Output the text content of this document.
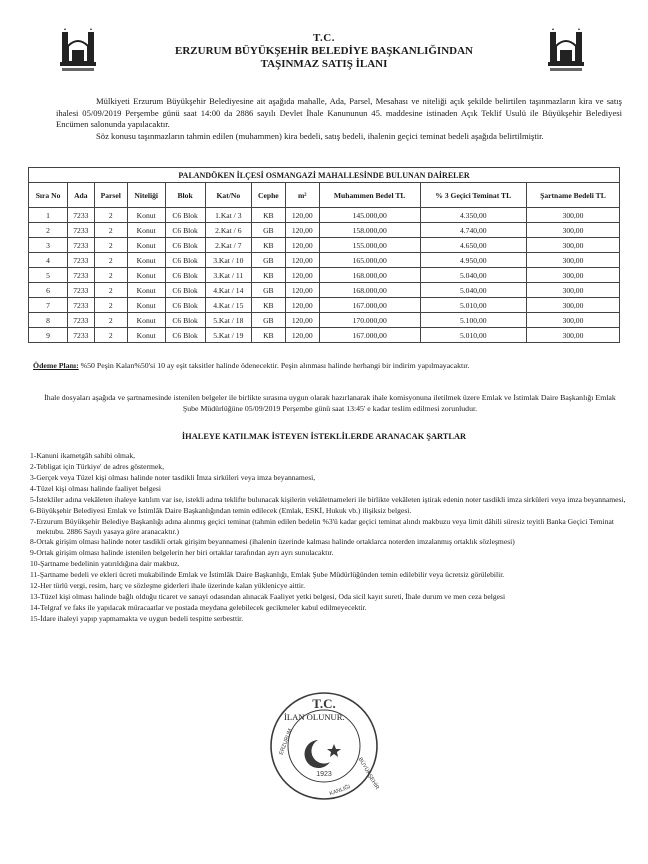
T.C.
ERZURUM BÜYÜKŞEHİR BELEDİYE BAŞKANLIĞINDAN
TAŞINMAZ SATIŞ İLANI

Mülkiyeti Erzurum Büyükşehir Belediyesine ait aşağıda mahalle, Ada, Parsel, Mesahası ve niteliği açık şekilde belirtilen taşınmazların kira ve satış ihalesi 05/09/2019 Perşembe günü saat 14:00 da 2886 sayılı Devlet İhale Kanununun 45. maddesine istinaden Açık Teklif Usulü ile Büyükşehir Belediyesi Encümen salonunda yapılacaktır.

Söz konusu taşınmazların tahmin edilen (muhammen) kira bedeli, satış bedeli, ihalenin geçici teminat bedeli aşağıda belirtilmiştir.

PALANDÖKEN İLÇESİ OSMANGAZİ MAHALLESİNDE BULUNAN DAİRELER										
Sıra No	Ada	Parsel	Niteliği	Blok	Kat/No	Cephe	m²	Muhammen Bedel TL	% 3 Geçici Teminat TL	Şartname Bedeli TL
1	7233	2	Konut	C6 Blok	1.Kat / 3	KB	120,00	145.000,00	4.350,00	300,00
2	7233	2	Konut	C6 Blok	2.Kat / 6	GB	120,00	158.000,00	4.740,00	300,00
3	7233	2	Konut	C6 Blok	2.Kat / 7	KB	120,00	155.000,00	4.650,00	300,00
4	7233	2	Konut	C6 Blok	3.Kat / 10	GB	120,00	165.000,00	4.950,00	300,00
5	7233	2	Konut	C6 Blok	3.Kat / 11	KB	120,00	168.000,00	5.040,00	300,00
6	7233	2	Konut	C6 Blok	4.Kat / 14	GB	120,00	168.000,00	5.040,00	300,00
7	7233	2	Konut	C6 Blok	4.Kat / 15	KB	120,00	167.000,00	5.010,00	300,00
8	7233	2	Konut	C6 Blok	5.Kat / 18	GB	120,00	170.000,00	5.100,00	300,00
9	7233	2	Konut	C6 Blok	5.Kat / 19	KB	120,00	167.000,00	5.010,00	300,00
Ödeme Planı: %50 Peşin Kalan%50'si 10 ay eşit taksitler halinde ödenecektir. Peşin alınması halinde herhangi bir indirim yapılmayacaktır.
İhale dosyaları aşağıda ve şartnamesinde istenilen belgeler ile birlikte sırasına uygun olarak hazırlanarak ihale komisyonuna iletilmek üzere Emlak ve İstimlak Daire Başkanlığı Emlak Şube Müdürlüğüne 05/09/2019 Perşembe günü saat 13:45' e kadar teslim edilmesi zorunludur.
İHALEYE KATILMAK İSTEYEN İSTEKLİLERDE ARANACAK ŞARTLAR
1- Kanuni ikametgâh sahibi olmak,
2- Tebligat için Türkiye' de adres göstermek,
3- Gerçek veya Tüzel kişi olması halinde noter tasdikli İmza sirküleri veya imza beyannamesi,
4- Tüzel kişi olması halinde faaliyet belgesi
5- İstekliler adına vekâleten ihaleye katılım var ise, istekli adına teklifte bulunacak kişilerin vekâletnameleri ile birlikte vekâleten iştirak edenin noter tasdikli imza sirküleri veya imza beyannamesi,
6- Büyükşehir Belediyesi Emlak ve İstimlâk Daire Başkanlığından temin edilecek (Emlak, ESKİ, Hukuk vb.) ilişiksiz belgesi.
7- Erzurum Büyükşehir Belediye Başkanlığı adına alınmış geçici teminat (tahmin edilen bedelin %3'ü kadar geçici teminat alındı makbuzu veya limit dâhili süresiz teyitli Banka Geçici Teminat mektubu. 2886 Sayılı yasaya göre aranacaktır.)
8- Ortak girişim olması halinde noter tasdikli ortak girişim beyannamesi (ihalenin üzerinde kalması halinde ortaklarca noterden imzalanmış ortaklık sözleşmesi)
9- Ortak girişim olması halinde istenilen belgelerin her biri ortaklar tarafından ayrı ayrı sunulacaktır.
10- Şartname bedelinin yatırıldığına dair makbuz.
11- Şartname bedeli ve ekleri ücreti mukabilinde Emlak ve İstimlâk Daire Başkanlığı, Emlak Şube Müdürlüğünden temin edilebilir veya ücretsiz görülebilir.
12- Her türlü vergi, resim, harç ve sözleşme giderleri ihale üzerinde kalan yüklenicye aittir.
13- Tüzel kişi olması halinde bağlı olduğu ticaret ve sanayi odasından alınacak Faaliyet yetki belgesi, Oda sicil kayıt sureti, İhale durum ve men ceza belgesi
14- Telgraf ve faks ile yapılacak müracaatlar ve postada meydana gelebilecek gecikmeler kabul edilmeyecektir.
15- İdare ihaleyi yapıp yapmamakta ve uygun bedeli tespitte serbesttir.
T.C.
1923
ERZURUM
BÜYÜKŞEHİR
KANLIĞI
İLAN OLUNUR.
